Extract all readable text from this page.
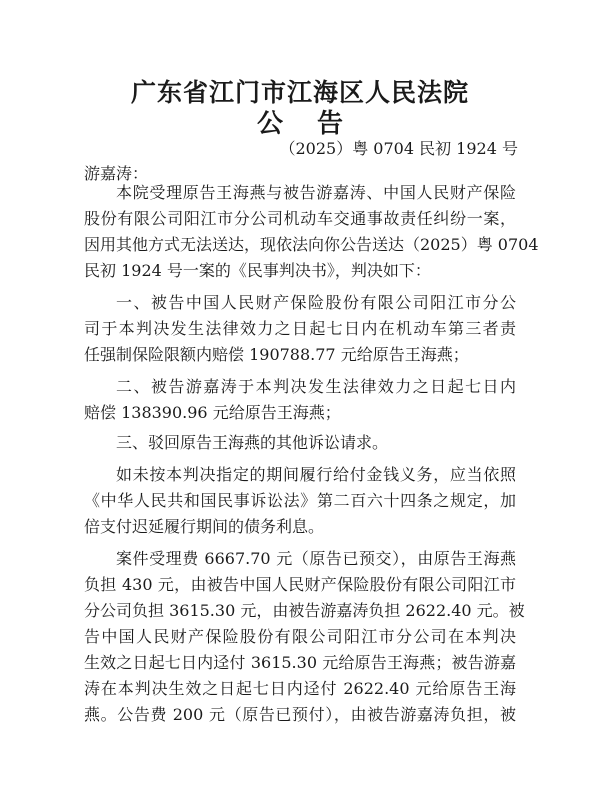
广东省江门市江海区人民法院
公告
（2025）粤 0704 民初 1924 号
游嘉涛：
本院受理原告王海燕与被告游嘉涛、中国人民财产保险
股份有限公司阳江市分公司机动车交通事故责任纠纷一案，
因用其他方式无法送达，现依法向你公告送达（2025）粤 0704
民初 1924 号一案的《民事判决书》，判决如下：
一、被告中国人民财产保险股份有限公司阳江市分公
司于本判决发生法律效力之日起七日内在机动车第三者责
任强制保险限额内赔偿 190788.77 元给原告王海燕；
二、被告游嘉涛于本判决发生法律效力之日起七日内
赔偿 138390.96 元给原告王海燕；
三、驳回原告王海燕的其他诉讼请求。
如未按本判决指定的期间履行给付金钱义务，应当依照
《中华人民共和国民事诉讼法》第二百六十四条之规定，加
倍支付迟延履行期间的债务利息。
案件受理费 6667.70 元（原告已预交），由原告王海燕
负担 430 元，由被告中国人民财产保险股份有限公司阳江市
分公司负担 3615.30 元，由被告游嘉涛负担 2622.40 元。被
告中国人民财产保险股份有限公司阳江市分公司在本判决
生效之日起七日内迳付 3615.30 元给原告王海燕；被告游嘉
涛在本判决生效之日起七日内迳付 2622.40 元给原告王海
燕。公告费 200 元（原告已预付），由被告游嘉涛负担，被
